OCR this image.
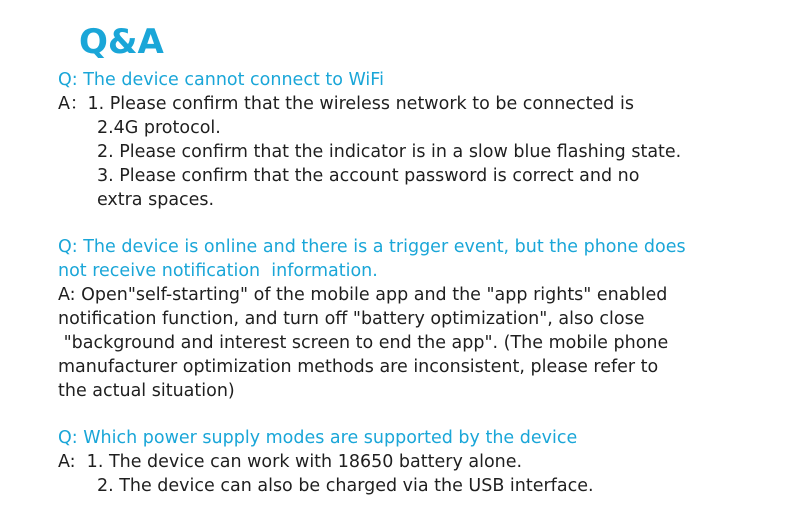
Q&A
Q: The device cannot connect to WiFi
A：1. Please confirm that the wireless network to be connected is
2.4G protocol.
2. Please confirm that the indicator is in a slow blue flashing state.
3. Please confirm that the account password is correct and no
extra spaces.
Q: The device is online and there is a trigger event, but the phone does
not receive notification  information.
A: Open"self-starting" of the mobile app and the "app rights" enabled
notification function, and turn off "battery optimization", also close
"background and interest screen to end the app". (The mobile phone
manufacturer optimization methods are inconsistent, please refer to
the actual situation)
Q: Which power supply modes are supported by the device
A:  1. The device can work with 18650 battery alone.
2. The device can also be charged via the USB interface.
